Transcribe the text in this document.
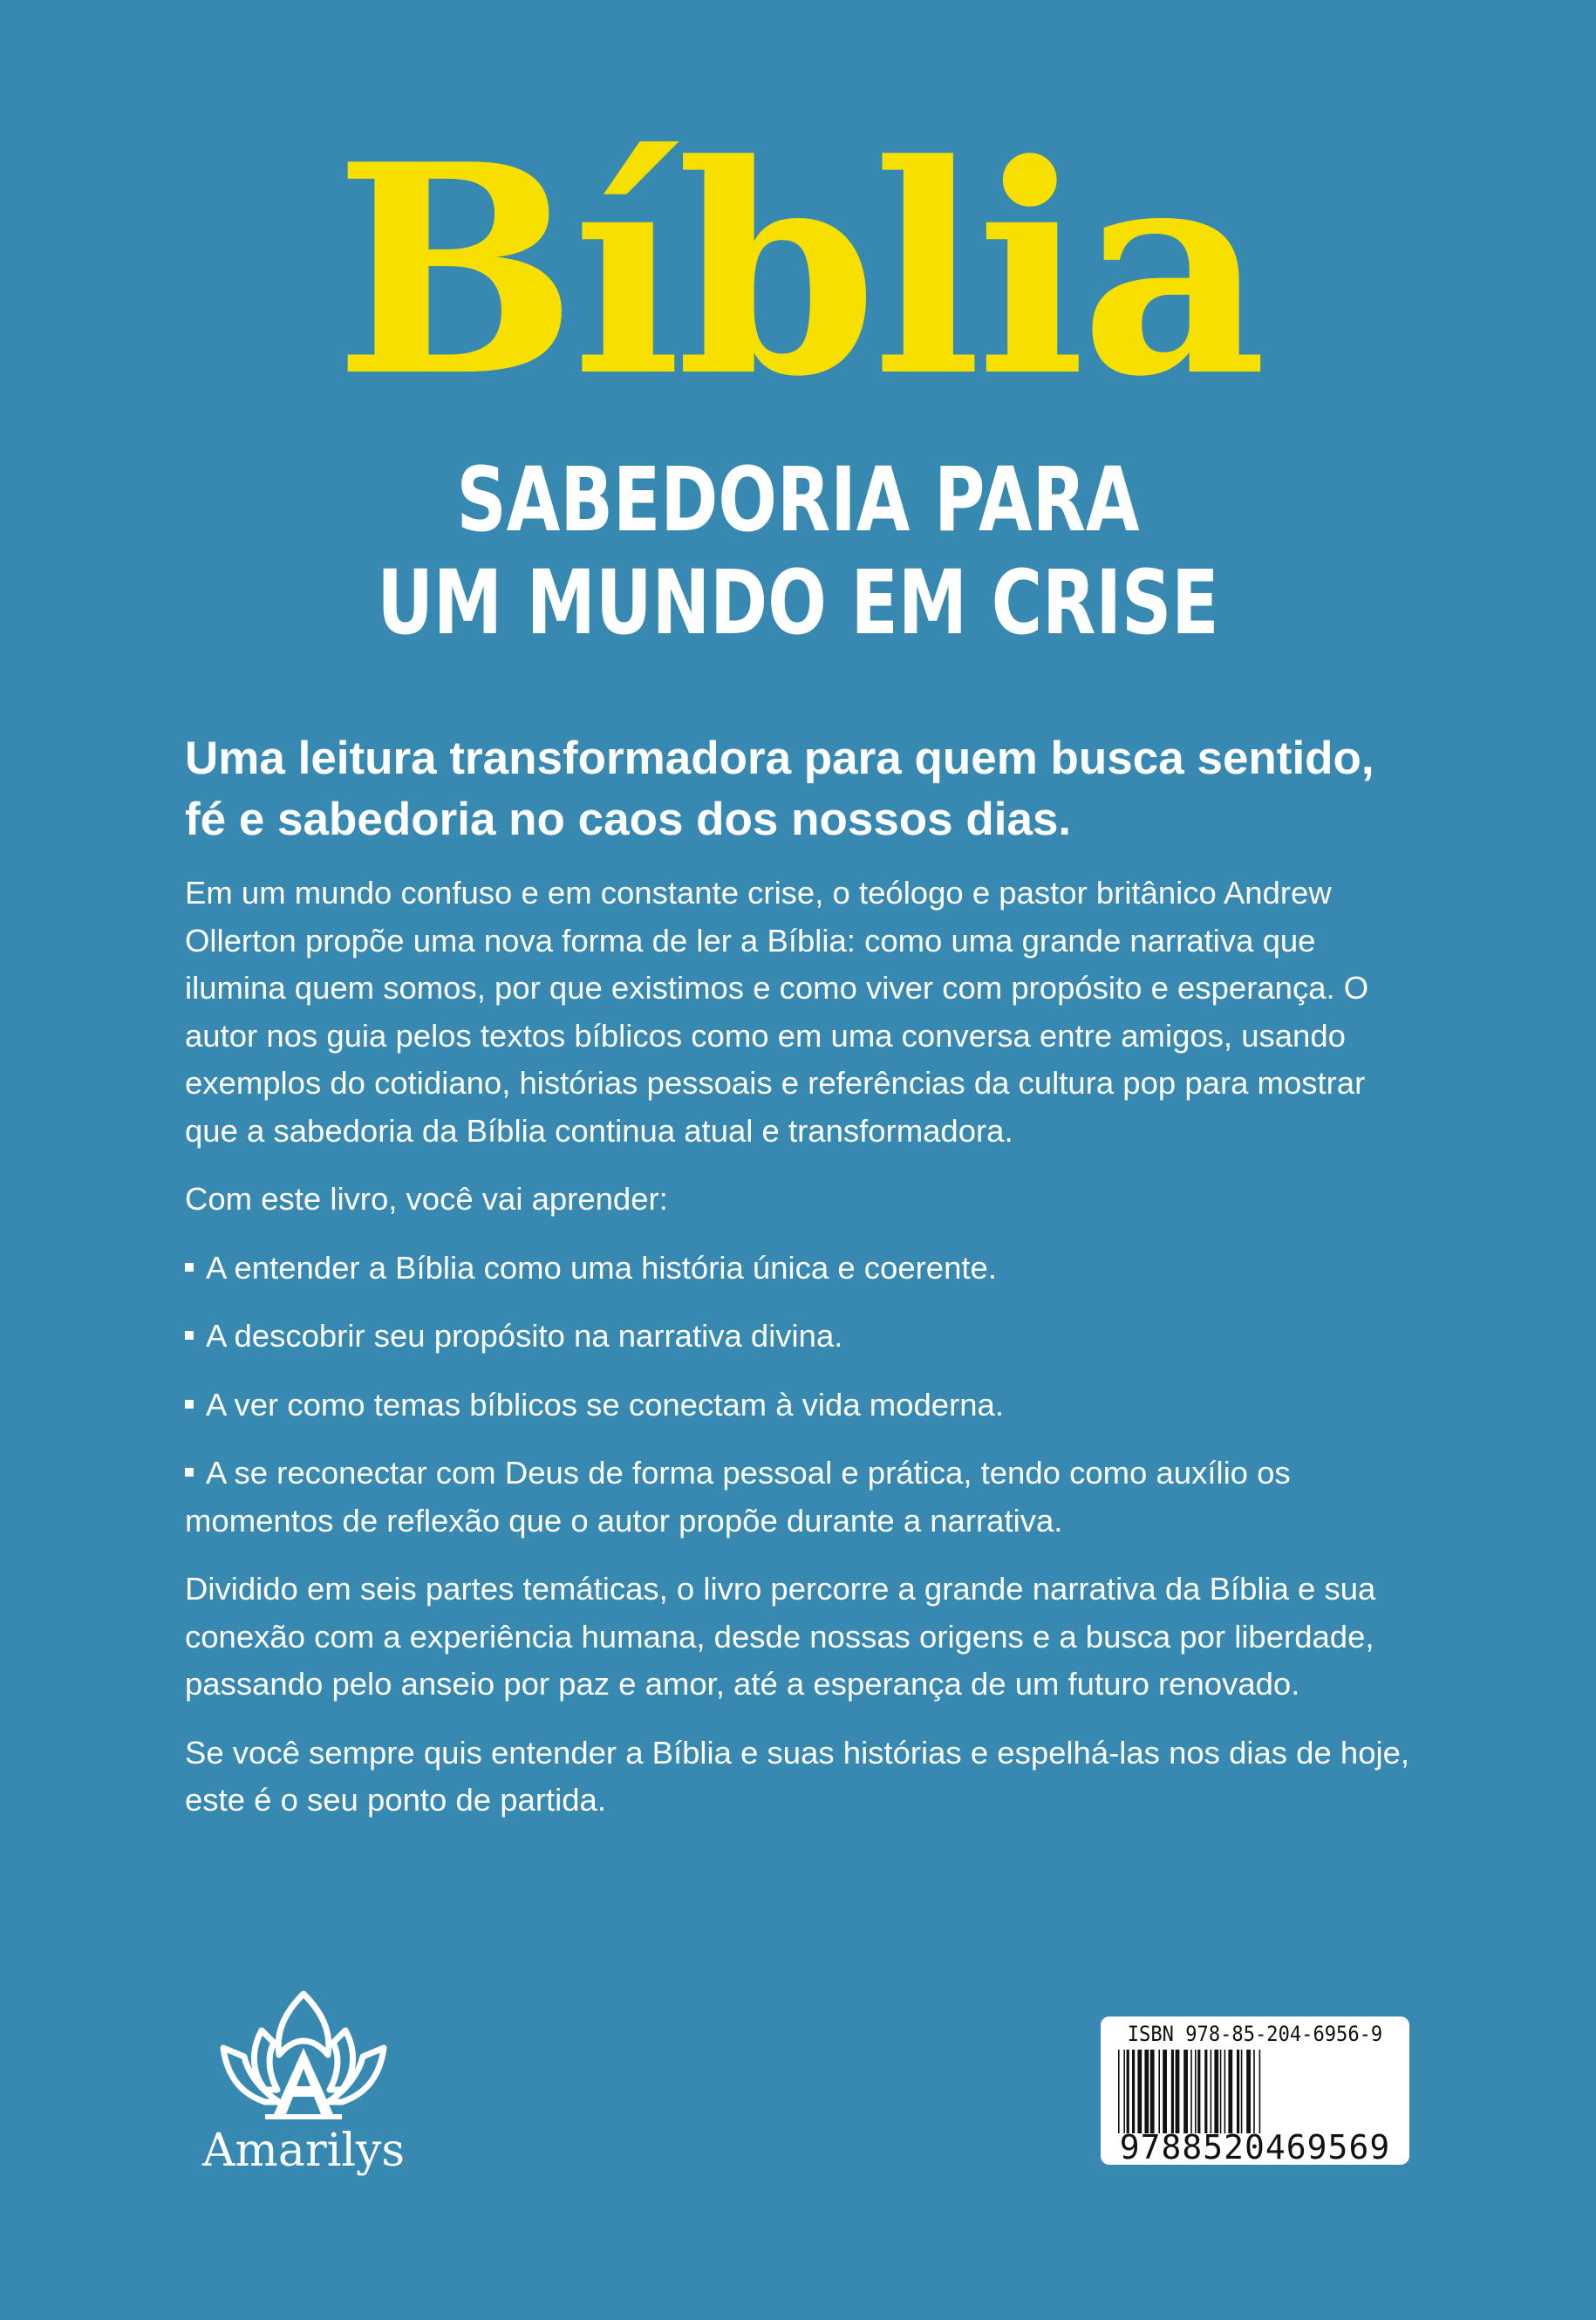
Bíblia
SABEDORIA PARA
UM MUNDO EM CRISE

Uma leitura transformadora para quem busca sentido, fé e sabedoria no caos dos nossos dias.

Em um mundo confuso e em constante crise, o teólogo e pastor britânico Andrew Ollerton propõe uma nova forma de ler a Bíblia: como uma grande narrativa que ilumina quem somos, por que existimos e como viver com propósito e esperança. O autor nos guia pelos textos bíblicos como em uma conversa entre amigos, usando exemplos do cotidiano, histórias pessoais e referências da cultura pop para mostrar que a sabedoria da Bíblia continua atual e transformadora.

Com este livro, você vai aprender:

A entender a Bíblia como uma história única e coerente.

A descobrir seu propósito na narrativa divina.

A ver como temas bíblicos se conectam à vida moderna.

A se reconectar com Deus de forma pessoal e prática, tendo como auxílio os momentos de reflexão que o autor propõe durante a narrativa.

Dividido em seis partes temáticas, o livro percorre a grande narrativa da Bíblia e sua conexão com a experiência humana, desde nossas origens e a busca por liberdade, passando pelo anseio por paz e amor, até a esperança de um futuro renovado.

Se você sempre quis entender a Bíblia e suas histórias e espelhá-las nos dias de hoje, este é o seu ponto de partida.

Amarilys
ISBN 978-85-204-6956-9
9788520469569
